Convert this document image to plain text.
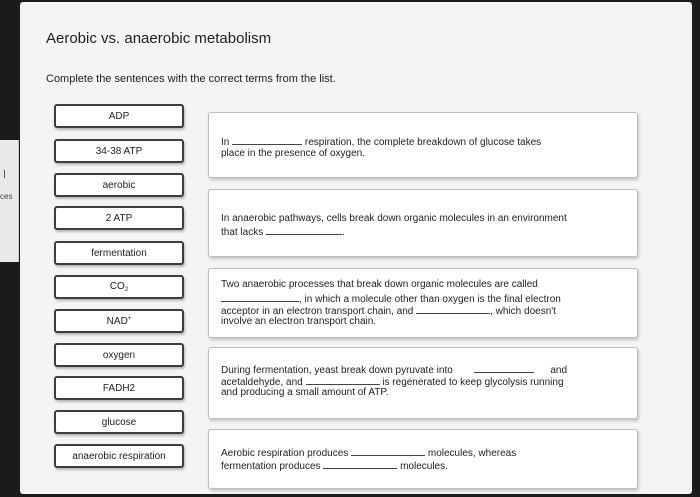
ces
Aerobic vs. anaerobic metabolism
Complete the sentences with the correct terms from the list.
ADP
34-38 ATP
aerobic
2 ATP
fermentation
$CO_2$
NAD+
oxygen
FADH2
glucose
anaerobic respiration
In	respiration, the complete breakdown of glucose takes
place in the presence of oxygen.
In anaerobic pathways, cells break down organic molecules in an environment
that lacks	.
Two anaerobic processes that break down organic molecules are called
, in which a molecule other than oxygen is the final electron
acceptor in an electron transport chain, and	, which doesn't
involve an electron transport chain.
During fermentation, yeast break down pyruvate into	and
acetaldehyde, and	is regenerated to keep glycolysis running
and producing a small amount of ATP.
Aerobic respiration produces	molecules, whereas
fermentation produces	molecules.
